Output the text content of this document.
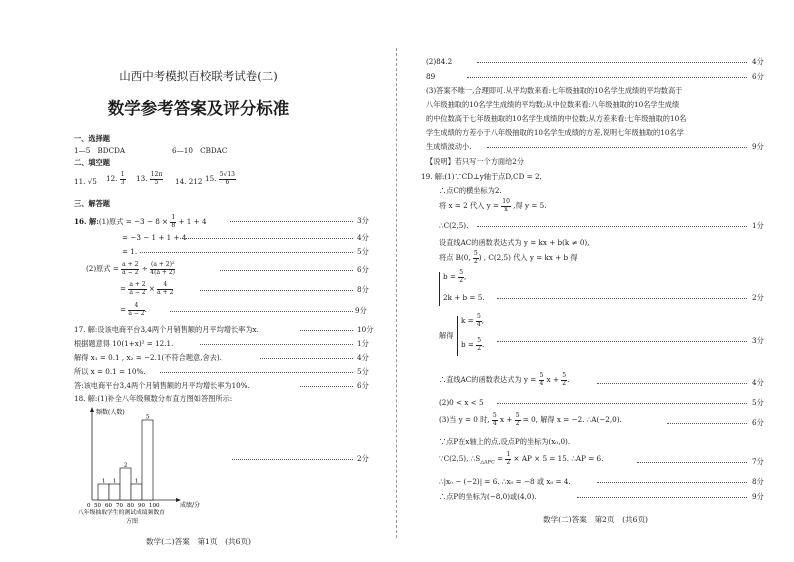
山西中考模拟百校联考试卷(二)
数学参考答案及评分标准
一、选择题
1—5　BDCDA	6—10　CBDAC
二、填空题
11. √5 12. $\frac{1}{3} 13$. $\frac{12\pi}{5} 14$. 212 15. $\frac{5√13}{6}$
三、解答题
16. 解:(1)原式 = $-3 - 8 \times \frac{1}{8} + 1 + 4$
= −3 − 1 + 1 + 4
= 1.
(2)原式 = $\frac{a + 2}{a - 2} \div \frac{\text{(a + 2)²}}{4(a + 2)}$
= $\frac{a + 2}{a - 2} \times \frac{4}{a + 2}$
= $\frac{4}{a - 2}$ .
17. 解:设该电商平台3,4两个月销售额的月平均增长率为x.
根据题意得 10(1+x)² = 12.1.
解得 x₁ = 0.1 , x₂ = −2.1(不符合题意,舍去).
所以 x = 0.1 = 10%.
答:该电商平台3,4两个月销售额的月平均增长率为10%.
18. 解:(1)补全八年级频数分布直方图如答图所示:
频数(人数)
成绩/分
0 50 60 70 80 90 100
1 1
2
1
5
八年级抽取学生的测试成绩频数直
方图
3分
4分
5分
6分
8分
9分
10分
1分
4分
5分
6分
2分
数学(二)答案　第1页　(共6页)
(2)84.2
89
(3)答案不唯一,合理即可.从平均数来看:七年级抽取的10名学生成绩的平均数高于
八年级抽取的10名学生成绩的平均数;从中位数来看:八年级抽取的10名学生成绩
的中位数高于七年级抽取的10名学生成绩的中位数;从方差来看:七年级抽取的10名
学生成绩的方差小于八年级抽取的10名学生成绩的方差,说明七年级抽取的10名学
生成绩波动小.
【说明】若只写一个方面给2分
19. 解:(1)∵CD⊥y轴于点D,CD = 2,
∴点C的横坐标为2.
将 x = 2 代入 $y = \frac{10}{x}$ ,得 y = 5.
∴C(2,5).
设直线AC的函数表达式为 y = kx + b(k ≠ 0),
将点 B(0, $\frac{5}{2}$ ) , C(2,5) 代入 y = kx + b 得
$b = \frac{5}{2}$ ,
2k + b = 5.
解得
$k = \frac{5}{4}$ ,
$b = \frac{5}{2}$ .
∴直线AC的函数表达式为 $y = \frac{5}{4}$ $x + \frac{5}{2}$ .
(2)0 < x < 5
(3)当 y = 0 时, $\frac{5}{4}$ $x + \frac{5}{2} = 0$, 解得 x = −2. ∴A(−2,0).
∵点P在x轴上的点,设点P的坐标为(x₀,0).
∵C(2,5), $\therefore S_{\triangle APC} = \frac{1}{2}$ × AP × 5 = 15. ∴AP = 6.
∴|x₀ − (−2)| = 6. ∴x₀ = −8 或 x₀ = 4.
∴点P的坐标为(−8,0)或(4,0).
4分
6分
9分
1分
2分
3分
4分
5分
6分
7分
8分
9分
数学(二)答案　第2页　(共6页)
